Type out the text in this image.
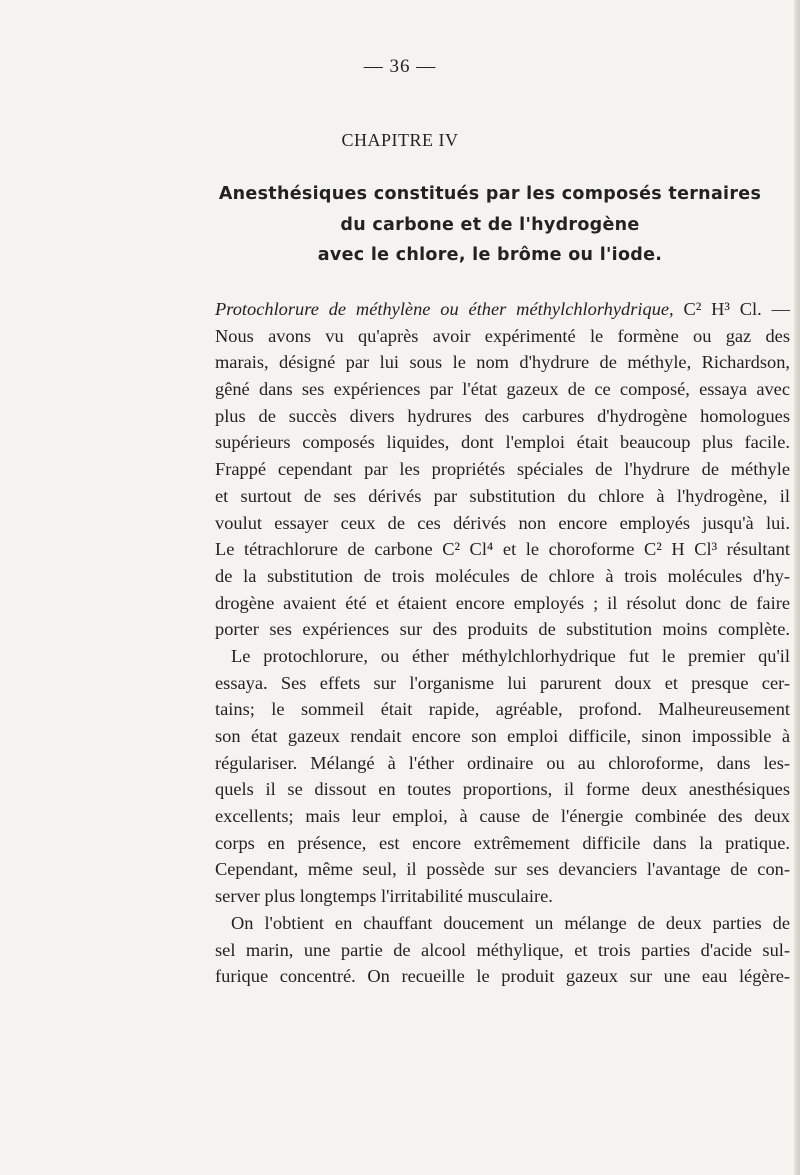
— 36 —
CHAPITRE IV
Anesthésiques constitués par les composés ternaires
du carbone et de l'hydrogène
avec le chlore, le brôme ou l'iode.
Protochlorure de méthylène ou éther méthylchlorhydrique, C² H³ Cl. —
Nous avons vu qu'après avoir expérimenté le formène ou gaz des
marais, désigné par lui sous le nom d'hydrure de méthyle, Richardson,
gêné dans ses expériences par l'état gazeux de ce composé, essaya avec
plus de succès divers hydrures des carbures d'hydrogène homologues
supérieurs composés liquides, dont l'emploi était beaucoup plus facile.
Frappé cependant par les propriétés spéciales de l'hydrure de méthyle
et surtout de ses dérivés par substitution du chlore à l'hydrogène, il
voulut essayer ceux de ces dérivés non encore employés jusqu'à lui.
Le tétrachlorure de carbone C² Cl⁴ et le choroforme C² H Cl³ résultant
de la substitution de trois molécules de chlore à trois molécules d'hy-
drogène avaient été et étaient encore employés ; il résolut donc de faire
porter ses expériences sur des produits de substitution moins complète.
Le protochlorure, ou éther méthylchlorhydrique fut le premier qu'il
essaya. Ses effets sur l'organisme lui parurent doux et presque cer-
tains; le sommeil était rapide, agréable, profond. Malheureusement
son état gazeux rendait encore son emploi difficile, sinon impossible à
régulariser. Mélangé à l'éther ordinaire ou au chloroforme, dans les-
quels il se dissout en toutes proportions, il forme deux anesthésiques
excellents; mais leur emploi, à cause de l'énergie combinée des deux
corps en présence, est encore extrêmement difficile dans la pratique.
Cependant, même seul, il possède sur ses devanciers l'avantage de con-
server plus longtemps l'irritabilité musculaire.
On l'obtient en chauffant doucement un mélange de deux parties de
sel marin, une partie de alcool méthylique, et trois parties d'acide sul-
furique concentré. On recueille le produit gazeux sur une eau légère-
